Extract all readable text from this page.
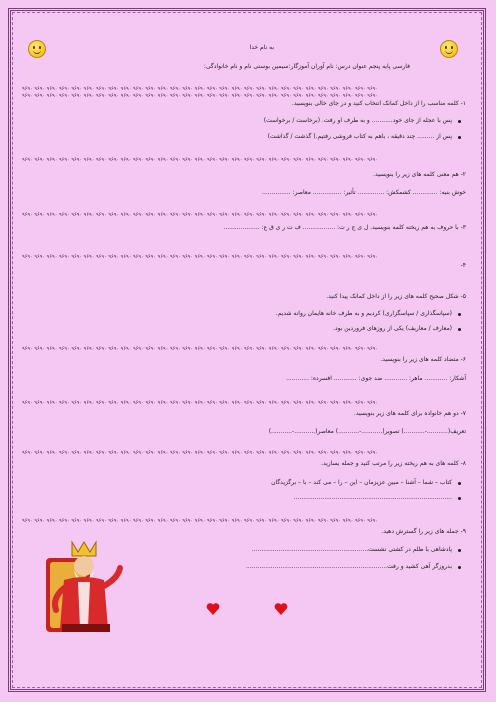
به نام خدا
فارسی پایه پنجم عنوان درس: نام آوران آموزگار:سیمین بوستی نام و نام خانوادگی:
۹۶۹۰ ۹۶۹۰ ۹۶۹۰ ۹۶۹۰ ۹۶۹۰ ۹۶۹۰ ۹۶۹۰ ۹۶۹۰ ۹۶۹۰ ۹۶۹۰ ۹۶۹۰ ۹۶۹۰ ۹۶۹۰ ۹۶۹۰ ۹۶۹۰ ۹۶۹۰ ۹۶۹۰ ۹۶۹۰ ۹۶۹۰ ۹۶۹۰ ۹۶۹۰ ۹۶۹۰ ۹۶۹۰ ۹۶۹۰ ۹۶۹۰ ۹۶۹۰ ۹۶۹۰ ۹۶۹۰ ۹۶۹۰
۹۶۹۰ ۹۶۹۰ ۹۶۹۰ ۹۶۹۰ ۹۶۹۰ ۹۶۹۰ ۹۶۹۰ ۹۶۹۰ ۹۶۹۰ ۹۶۹۰ ۹۶۹۰ ۹۶۹۰ ۹۶۹۰ ۹۶۹۰ ۹۶۹۰ ۹۶۹۰ ۹۶۹۰ ۹۶۹۰ ۹۶۹۰ ۹۶۹۰ ۹۶۹۰ ۹۶۹۰ ۹۶۹۰ ۹۶۹۰ ۹۶۹۰ ۹۶۹۰ ۹۶۹۰ ۹۶۹۰ ۹۶۹۰
۱- کلمه مناسب را از داخل کمانک انتخاب کنید و در جای خالی بنویسید.
پس با عجله از جای خود........... و به طرف او رفت. (برخاست / برخواست)
پس از ......... چند دقیقه ، باهم به کتاب فروشی رفتیم.( گذشت / گذاشت)
۹۶۹۰ ۹۶۹۰ ۹۶۹۰ ۹۶۹۰ ۹۶۹۰ ۹۶۹۰ ۹۶۹۰ ۹۶۹۰ ۹۶۹۰ ۹۶۹۰ ۹۶۹۰ ۹۶۹۰ ۹۶۹۰ ۹۶۹۰ ۹۶۹۰ ۹۶۹۰ ۹۶۹۰ ۹۶۹۰ ۹۶۹۰ ۹۶۹۰ ۹۶۹۰ ۹۶۹۰ ۹۶۹۰ ۹۶۹۰ ۹۶۹۰ ۹۶۹۰ ۹۶۹۰ ۹۶۹۰ ۹۶۹۰
۲- هم معنی کلمه های زیر را بنویسید.
خوش بنیه: ............. کشمکش: .............. تأثیر: ............... معاصر: ...............
۹۶۹۰ ۹۶۹۰ ۹۶۹۰ ۹۶۹۰ ۹۶۹۰ ۹۶۹۰ ۹۶۹۰ ۹۶۹۰ ۹۶۹۰ ۹۶۹۰ ۹۶۹۰ ۹۶۹۰ ۹۶۹۰ ۹۶۹۰ ۹۶۹۰ ۹۶۹۰ ۹۶۹۰ ۹۶۹۰ ۹۶۹۰ ۹۶۹۰ ۹۶۹۰ ۹۶۹۰ ۹۶۹۰ ۹۶۹۰ ۹۶۹۰ ۹۶۹۰ ۹۶۹۰ ۹۶۹۰ ۹۶۹۰
۳- با حروف به هم ریخته کلمه بنویسید. ل ی ج ر ت: ................. ف ت ر ی ق ع: ...................
۹۶۹۰ ۹۶۹۰ ۹۶۹۰ ۹۶۹۰ ۹۶۹۰ ۹۶۹۰ ۹۶۹۰ ۹۶۹۰ ۹۶۹۰ ۹۶۹۰ ۹۶۹۰ ۹۶۹۰ ۹۶۹۰ ۹۶۹۰ ۹۶۹۰ ۹۶۹۰ ۹۶۹۰ ۹۶۹۰ ۹۶۹۰ ۹۶۹۰ ۹۶۹۰ ۹۶۹۰ ۹۶۹۰ ۹۶۹۰ ۹۶۹۰ ۹۶۹۰ ۹۶۹۰ ۹۶۹۰ ۹۶۹۰
۴-
۵- شکل صحیح کلمه های زیر را از داخل کمانک پیدا کنید.
(سپاسگذاری / سپاسگزاری) کردیم و به طرف خانه هایمان روانه شدیم.
(معارف / معاریف) یکی از روزهای فروردین بود.
۹۶۹۰ ۹۶۹۰ ۹۶۹۰ ۹۶۹۰ ۹۶۹۰ ۹۶۹۰ ۹۶۹۰ ۹۶۹۰ ۹۶۹۰ ۹۶۹۰ ۹۶۹۰ ۹۶۹۰ ۹۶۹۰ ۹۶۹۰ ۹۶۹۰ ۹۶۹۰ ۹۶۹۰ ۹۶۹۰ ۹۶۹۰ ۹۶۹۰ ۹۶۹۰ ۹۶۹۰ ۹۶۹۰ ۹۶۹۰ ۹۶۹۰ ۹۶۹۰ ۹۶۹۰ ۹۶۹۰ ۹۶۹۰
۶- متضاد کلمه های زیر را بنویسید.
آشکار: ............ ماهر: ............ ضد جوی: ............ افسرده: ............
۹۶۹۰ ۹۶۹۰ ۹۶۹۰ ۹۶۹۰ ۹۶۹۰ ۹۶۹۰ ۹۶۹۰ ۹۶۹۰ ۹۶۹۰ ۹۶۹۰ ۹۶۹۰ ۹۶۹۰ ۹۶۹۰ ۹۶۹۰ ۹۶۹۰ ۹۶۹۰ ۹۶۹۰ ۹۶۹۰ ۹۶۹۰ ۹۶۹۰ ۹۶۹۰ ۹۶۹۰ ۹۶۹۰ ۹۶۹۰ ۹۶۹۰ ۹۶۹۰ ۹۶۹۰ ۹۶۹۰ ۹۶۹۰
۷- دو هم خانواده برای کلمه های زیر بنویسید.
تعریف(...........-...........) تصویر(...........-...........) معاصر(...........-...........)
۹۶۹۰ ۹۶۹۰ ۹۶۹۰ ۹۶۹۰ ۹۶۹۰ ۹۶۹۰ ۹۶۹۰ ۹۶۹۰ ۹۶۹۰ ۹۶۹۰ ۹۶۹۰ ۹۶۹۰ ۹۶۹۰ ۹۶۹۰ ۹۶۹۰ ۹۶۹۰ ۹۶۹۰ ۹۶۹۰ ۹۶۹۰ ۹۶۹۰ ۹۶۹۰ ۹۶۹۰ ۹۶۹۰ ۹۶۹۰ ۹۶۹۰ ۹۶۹۰ ۹۶۹۰ ۹۶۹۰ ۹۶۹۰
۸- کلمه های به هم ریخته زیر را مرتب کنید و جمله بسازید.
کتاب – شما – آشنا – مبین عزیزمان – این – را – می کند – با – برگزیدگان
...................................................................................
۹۶۹۰ ۹۶۹۰ ۹۶۹۰ ۹۶۹۰ ۹۶۹۰ ۹۶۹۰ ۹۶۹۰ ۹۶۹۰ ۹۶۹۰ ۹۶۹۰ ۹۶۹۰ ۹۶۹۰ ۹۶۹۰ ۹۶۹۰ ۹۶۹۰ ۹۶۹۰ ۹۶۹۰ ۹۶۹۰ ۹۶۹۰ ۹۶۹۰ ۹۶۹۰ ۹۶۹۰ ۹۶۹۰ ۹۶۹۰ ۹۶۹۰ ۹۶۹۰ ۹۶۹۰ ۹۶۹۰ ۹۶۹۰
۹- جمله های زیر را گسترش دهید.
پادشاهی با ظلم در کشتی نشست.............................................................
بدروزگر آهی کشید و رفت..........................................................................
